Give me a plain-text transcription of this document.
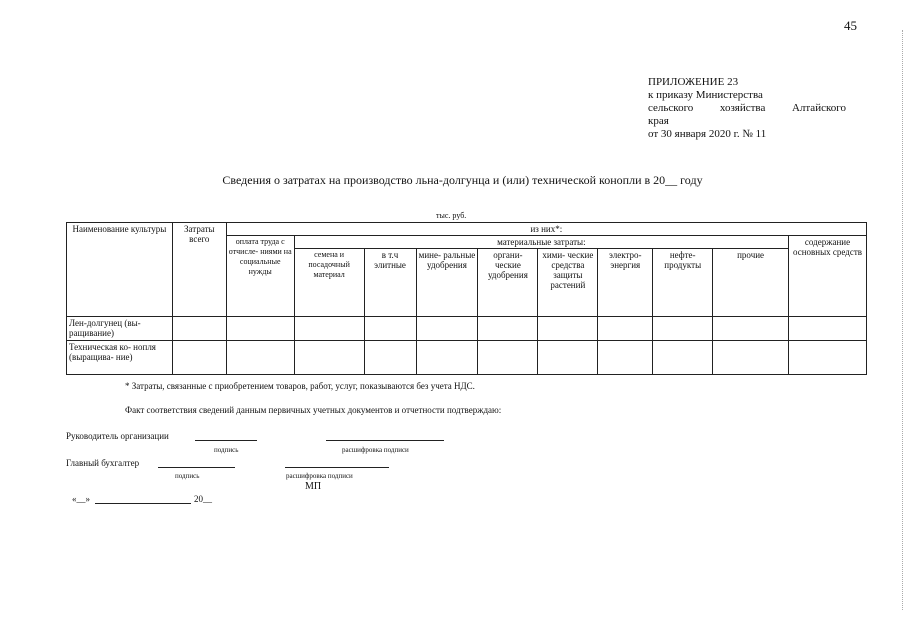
45
ПРИЛОЖЕНИЕ 23
к приказу Министерства
сельского хозяйства Алтайского
края
от 30 января 2020 г. № 11
Сведения о затратах на производство льна-долгунца и (или) технической конопли в 20__ году
тыс. руб.
Наименование культуры	Затраты всего	из них*:									
		оплата труда с отчисле- ниями на социальные нужды	материальные затраты:								содержание основных средств
			семена и посадочный материал	в т.ч элитные	мине- ральные удобрения	органи- ческие удобрения	хими- ческие средства защиты растений	электро- энергия	нефте- продукты	прочие	
Лен-долгунец (вы- ращивание)											
Техническая ко- нопля (выращива- ние)											
* Затраты, связанные с приобретением товаров, работ, услуг, показываются без учета НДС.
Факт соответствия сведений данным первичных учетных документов и отчетности подтверждаю:
Руководитель организации
подпись	расшифровка подписи
Главный бухгалтер
подпись	расшифровка подписи
МП
«__»	20__
